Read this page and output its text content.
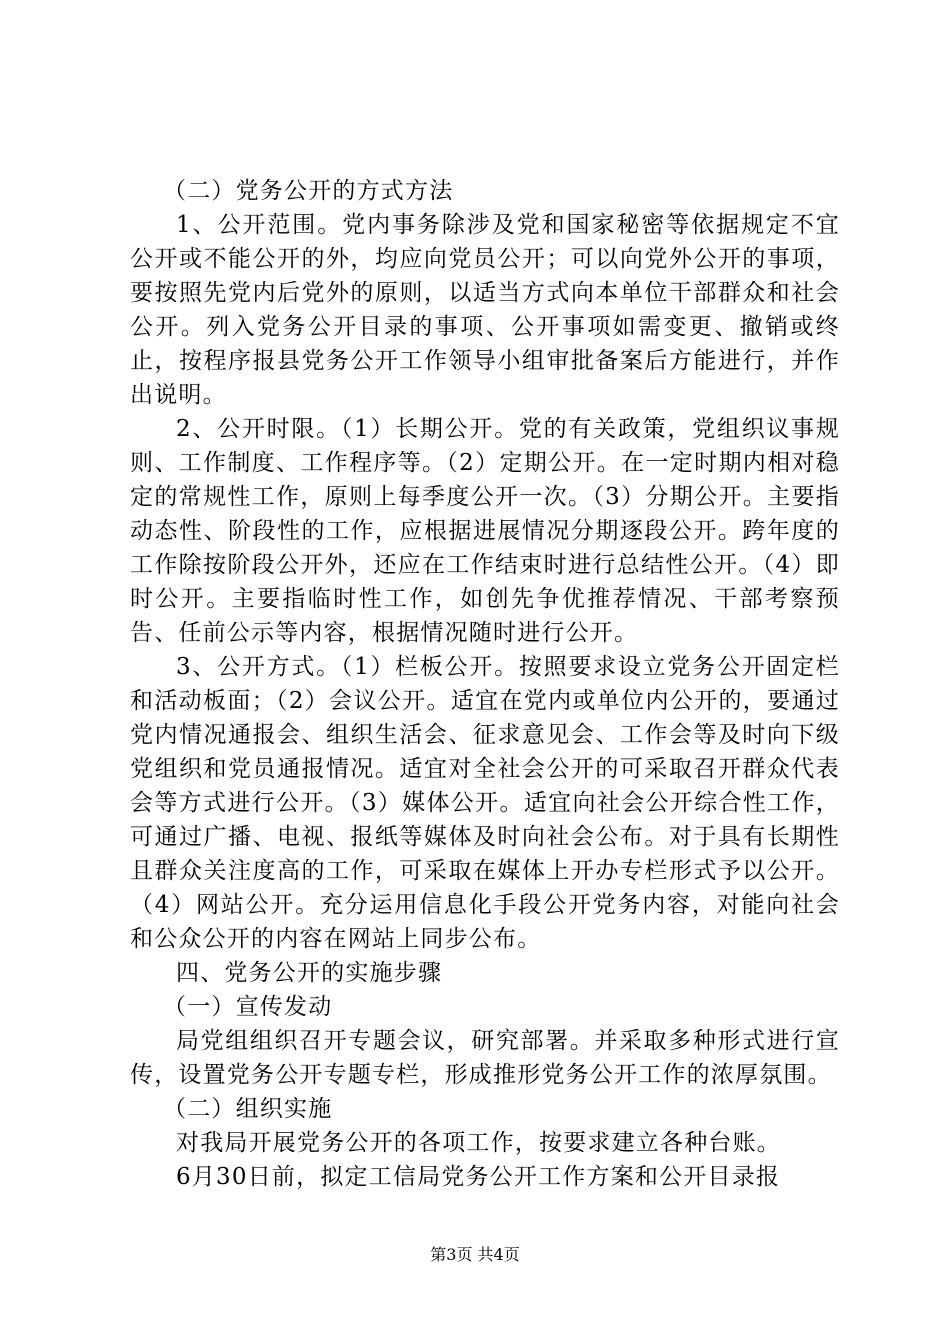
（二）党务公开的方式方法

1、公开范围。党内事务除涉及党和国家秘密等依据规定不宜公开或不能公开的外，均应向党员公开；可以向党外公开的事项，要按照先党内后党外的原则，以适当方式向本单位干部群众和社会公开。列入党务公开目录的事项、公开事项如需变更、撤销或终止，按程序报县党务公开工作领导小组审批备案后方能进行，并作出说明。

2、公开时限。（1）长期公开。党的有关政策，党组织议事规则、工作制度、工作程序等。（2）定期公开。在一定时期内相对稳定的常规性工作，原则上每季度公开一次。（3）分期公开。主要指动态性、阶段性的工作，应根据进展情况分期逐段公开。跨年度的工作除按阶段公开外，还应在工作结束时进行总结性公开。（4）即时公开。主要指临时性工作，如创先争优推荐情况、干部考察预告、任前公示等内容，根据情况随时进行公开。

3、公开方式。（1）栏板公开。按照要求设立党务公开固定栏和活动板面；（2）会议公开。适宜在党内或单位内公开的，要通过党内情况通报会、组织生活会、征求意见会、工作会等及时向下级党组织和党员通报情况。适宜对全社会公开的可采取召开群众代表会等方式进行公开。（3）媒体公开。适宜向社会公开综合性工作，可通过广播、电视、报纸等媒体及时向社会公布。对于具有长期性且群众关注度高的工作，可采取在媒体上开办专栏形式予以公开。（4）网站公开。充分运用信息化手段公开党务内容，对能向社会和公众公开的内容在网站上同步公布。

四、党务公开的实施步骤

（一）宣传发动

局党组组织召开专题会议，研究部署。并采取多种形式进行宣传，设置党务公开专题专栏，形成推形党务公开工作的浓厚氛围。

（二）组织实施

对我局开展党务公开的各项工作，按要求建立各种台账。

6月30日前，拟定工信局党务公开工作方案和公开目录报

第3页 共4页
